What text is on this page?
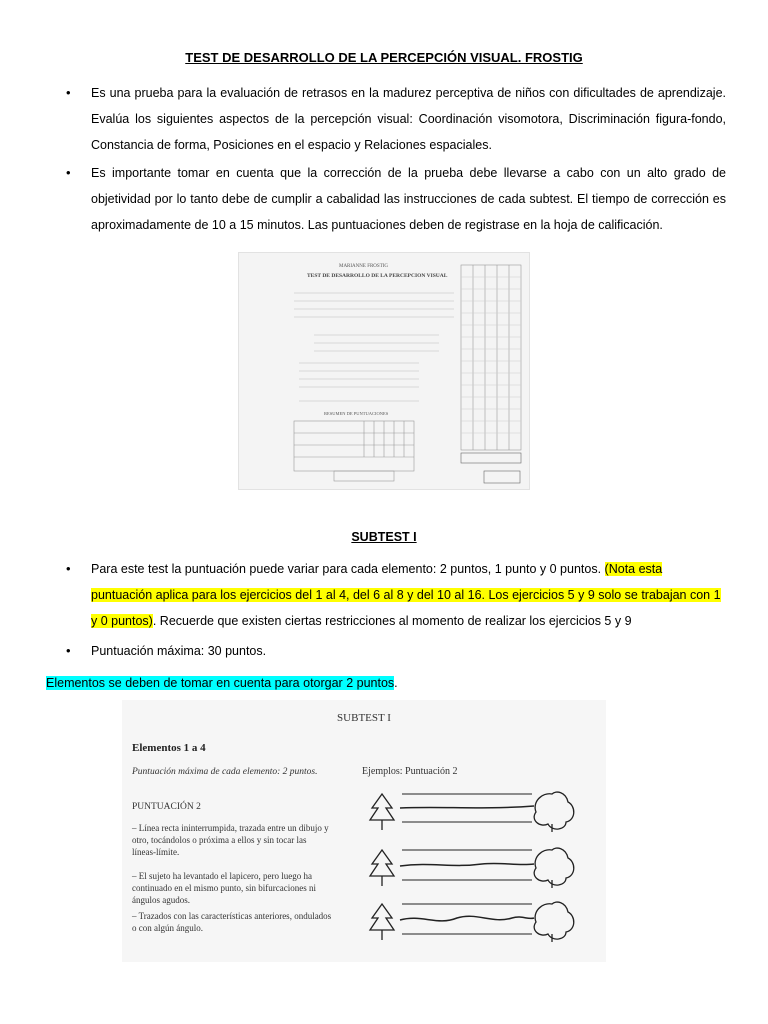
TEST DE DESARROLLO DE LA PERCEPCIÓN VISUAL. FROSTIG
• Es una prueba para la evaluación de retrasos en la madurez perceptiva de niños con dificultades de aprendizaje. Evalúa los siguientes aspectos de la percepción visual: Coordinación visomotora, Discriminación figura-fondo, Constancia de forma, Posiciones en el espacio y Relaciones espaciales.
• Es importante tomar en cuenta que la corrección de la prueba debe llevarse a cabo con un alto grado de objetividad por lo tanto debe de cumplir a cabalidad las instrucciones de cada subtest. El tiempo de corrección es aproximadamente de 10 a 15 minutos. Las puntuaciones deben de registrase en la hoja de calificación.
MARIANNE FROSTIG
TEST DE DESARROLLO DE LA PERCEPCION VISUAL
RESUMEN DE PUNTUACIONES
SUBTEST I
• Para este test la puntuación puede variar para cada elemento: 2 puntos, 1 punto y 0 puntos. (Nota esta puntuación aplica para los ejercicios del 1 al 4, del 6 al 8 y del 10 al 16. Los ejercicios 5 y 9 solo se trabajan con 1 y 0 puntos). Recuerde que existen ciertas restricciones al momento de realizar los ejercicios 5 y 9
• Puntuación máxima: 30 puntos.
Elementos se deben de tomar en cuenta para otorgar 2 puntos.
SUBTEST I
Elementos 1 a 4
Puntuación máxima de cada elemento: 2 puntos.
PUNTUACIÓN 2
– Línea recta ininterrumpida, trazada entre un dibujo y otro, tocándolos o próxima a ellos y sin tocar las líneas-límite.
– El sujeto ha levantado el lapicero, pero luego ha continuado en el mismo punto, sin bifurcaciones ni ángulos agudos.
– Trazados con las características anteriores, ondulados o con algún ángulo.
Ejemplos: Puntuación 2
